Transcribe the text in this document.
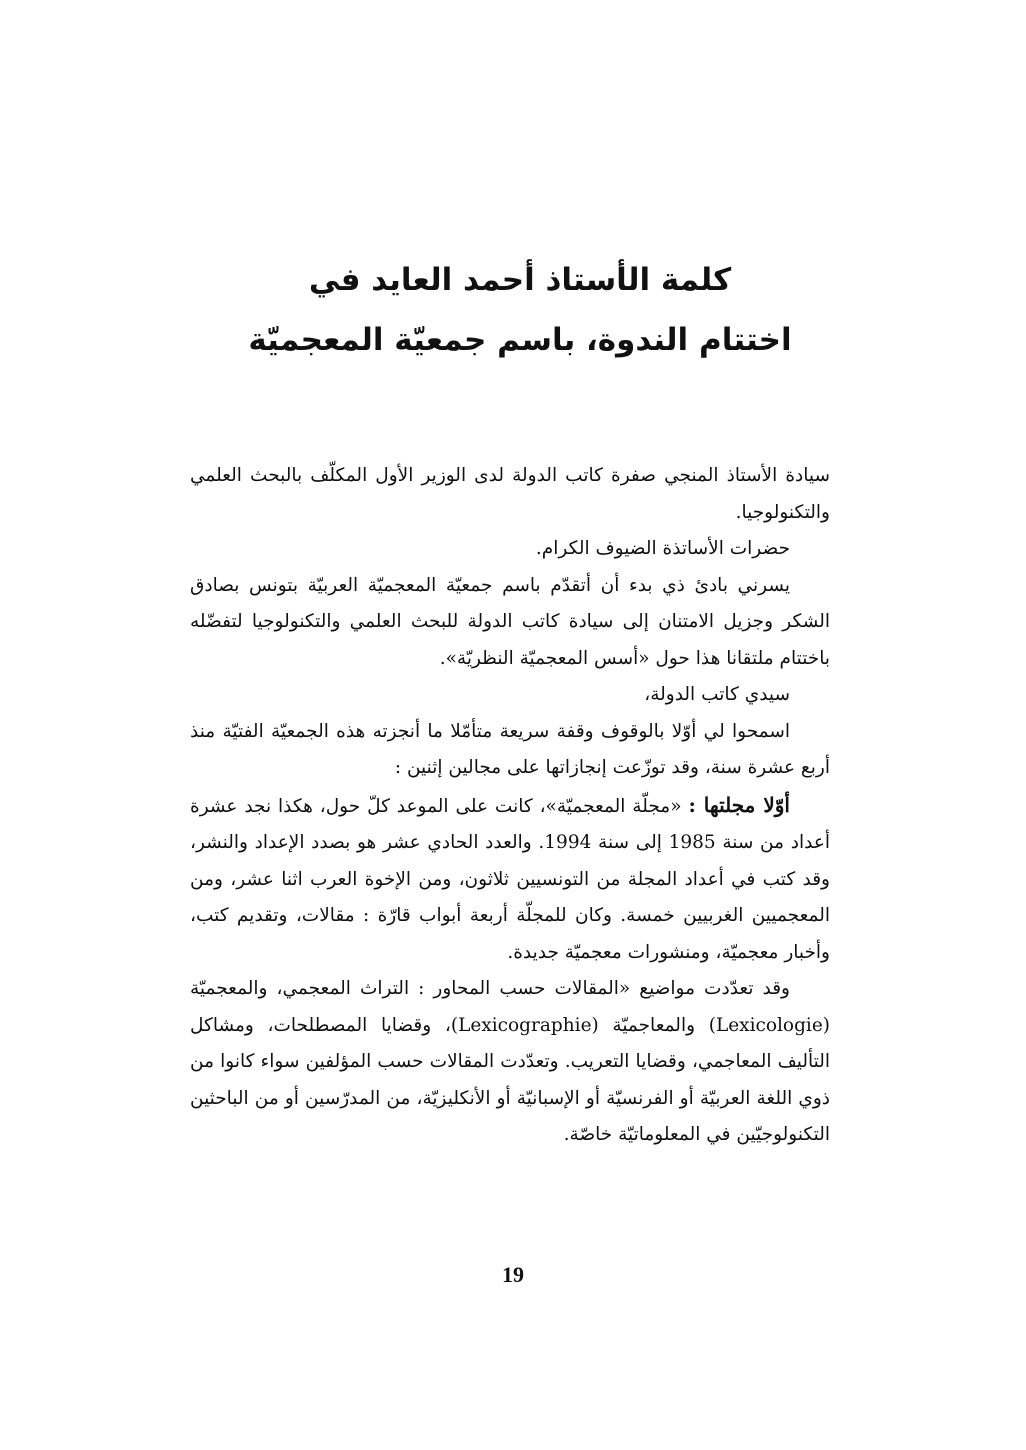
كلمة الأستاذ أحمد العايد في

اختتام الندوة، باسم جمعيّة المعجميّة

سيادة الأستاذ المنجي صفرة كاتب الدولة لدى الوزير الأول المكلّف بالبحث العلمي والتكنولوجيا.

حضرات الأساتذة الضيوف الكرام.

يسرني بادئ ذي بدء أن أتقدّم باسم جمعيّة المعجميّة العربيّة بتونس بصادق الشكر وجزيل الامتنان إلى سيادة كاتب الدولة للبحث العلمي والتكنولوجيا لتفضّله باختتام ملتقانا هذا حول «أسس المعجميّة النظريّة».

سيدي كاتب الدولة،

اسمحوا لي أوّلا بالوقوف وقفة سريعة متأمّلا ما أنجزته هذه الجمعيّة الفتيّة منذ أربع عشرة سنة، وقد توزّعت إنجازاتها على مجالين إثنين :

أوّلا مجلتها : «مجلّة المعجميّة»، كانت على الموعد كلّ حول، هكذا نجد عشرة أعداد من سنة 1985 إلى سنة 1994. والعدد الحادي عشر هو بصدد الإعداد والنشر، وقد كتب في أعداد المجلة من التونسيين ثلاثون، ومن الإخوة العرب اثنا عشر، ومن المعجميين الغربيين خمسة. وكان للمجلّة أربعة أبواب قارّة : مقالات، وتقديم كتب، وأخبار معجميّة، ومنشورات معجميّة جديدة.

وقد تعدّدت مواضيع «المقالات حسب المحاور : التراث المعجمي، والمعجميّة (Lexicologie) والمعاجميّة (Lexicographie)، وقضايا المصطلحات، ومشاكل التأليف المعاجمي، وقضايا التعريب. وتعدّدت المقالات حسب المؤلفين سواء كانوا من ذوي اللغة العربيّة أو الفرنسيّة أو الإسبانيّة أو الأنكليزيّة، من المدرّسين أو من الباحثين التكنولوجيّين في المعلوماتيّة خاصّة.

19
